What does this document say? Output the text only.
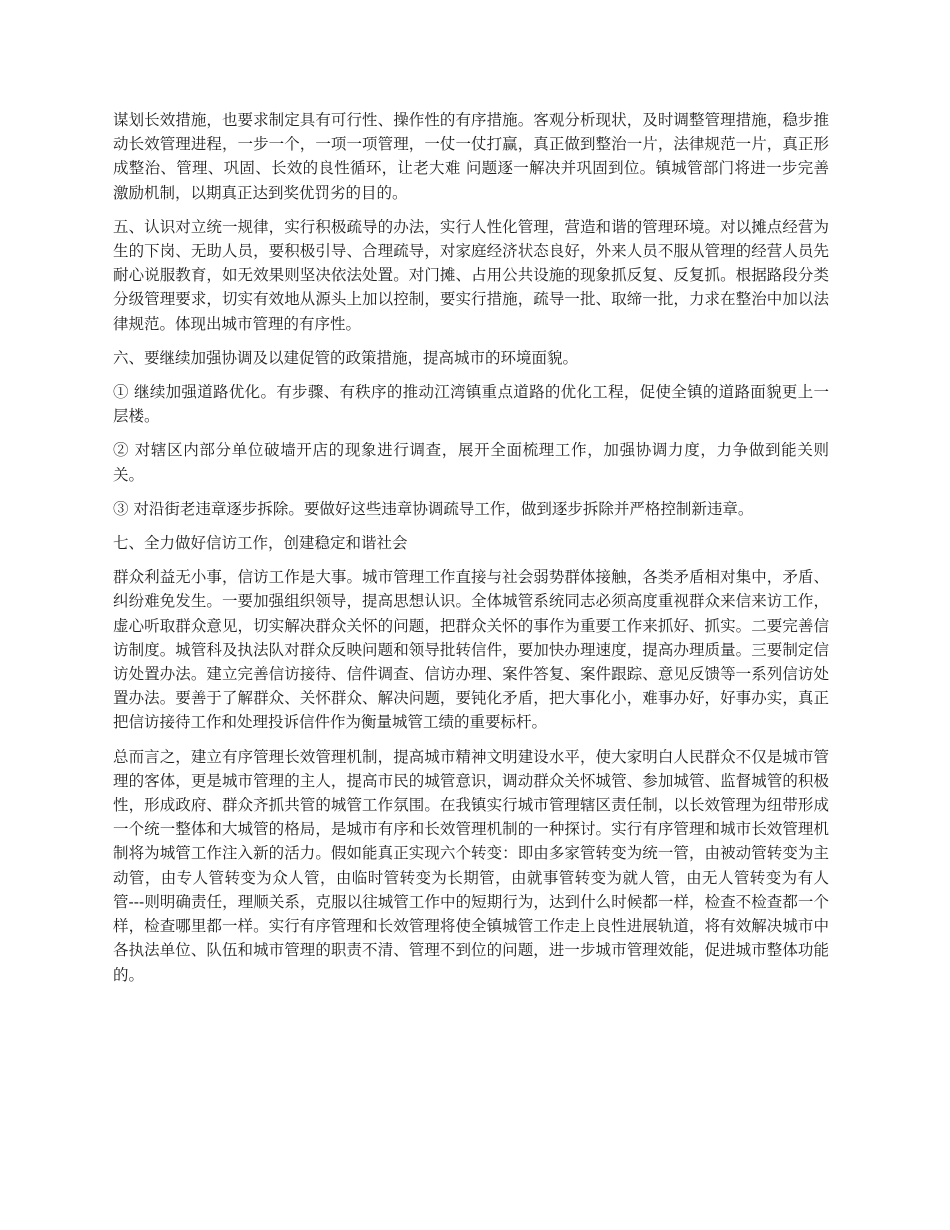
谋划长效措施，也要求制定具有可行性、操作性的有序措施。客观分析现状，及时调整管理措施，稳步推动长效管理进程，一步一个，一项一项管理，一仗一仗打赢，真正做到整治一片，法律规范一片，真正形成整治、管理、巩固、长效的良性循环，让老大难 问题逐一解决并巩固到位。镇城管部门将进一步完善激励机制，以期真正达到奖优罚劣的目的。

五、认识对立统一规律，实行积极疏导的办法，实行人性化管理，营造和谐的管理环境。对以摊点经营为生的下岗、无助人员，要积极引导、合理疏导，对家庭经济状态良好，外来人员不服从管理的经营人员先耐心说服教育，如无效果则坚决依法处置。对门摊、占用公共设施的现象抓反复、反复抓。根据路段分类分级管理要求，切实有效地从源头上加以控制，要实行措施，疏导一批、取缔一批，力求在整治中加以法律规范。体现出城市管理的有序性。

六、要继续加强协调及以建促管的政策措施，提高城市的环境面貌。

① 继续加强道路优化。有步骤、有秩序的推动江湾镇重点道路的优化工程，促使全镇的道路面貌更上一层楼。

② 对辖区内部分单位破墙开店的现象进行调查，展开全面梳理工作，加强协调力度，力争做到能关则关。

③ 对沿街老违章逐步拆除。要做好这些违章协调疏导工作，做到逐步拆除并严格控制新违章。

七、全力做好信访工作，创建稳定和谐社会

群众利益无小事，信访工作是大事。城市管理工作直接与社会弱势群体接触，各类矛盾相对集中，矛盾、纠纷难免发生。一要加强组织领导，提高思想认识。全体城管系统同志必须高度重视群众来信来访工作，虚心听取群众意见，切实解决群众关怀的问题，把群众关怀的事作为重要工作来抓好、抓实。二要完善信访制度。城管科及执法队对群众反映问题和领导批转信件，要加快办理速度，提高办理质量。三要制定信访处置办法。建立完善信访接待、信件调查、信访办理、案件答复、案件跟踪、意见反馈等一系列信访处置办法。要善于了解群众、关怀群众、解决问题，要钝化矛盾，把大事化小，难事办好，好事办实，真正把信访接待工作和处理投诉信件作为衡量城管工绩的重要标杆。

总而言之，建立有序管理长效管理机制，提高城市精神文明建设水平，使大家明白人民群众不仅是城市管理的客体，更是城市管理的主人，提高市民的城管意识，调动群众关怀城管、参加城管、监督城管的积极性，形成政府、群众齐抓共管的城管工作氛围。在我镇实行城市管理辖区责任制，以长效管理为纽带形成一个统一整体和大城管的格局，是城市有序和长效管理机制的一种探讨。实行有序管理和城市长效管理机制将为城管工作注入新的活力。假如能真正实现六个转变：即由多家管转变为统一管，由被动管转变为主动管，由专人管转变为众人管，由临时管转变为长期管，由就事管转变为就人管，由无人管转变为有人管---则明确责任，理顺关系，克服以往城管工作中的短期行为，达到什么时候都一样，检查不检查都一个样，检查哪里都一样。实行有序管理和长效管理将使全镇城管工作走上良性进展轨道，将有效解决城市中各执法单位、队伍和城市管理的职责不清、管理不到位的问题，进一步城市管理效能，促进城市整体功能的。
